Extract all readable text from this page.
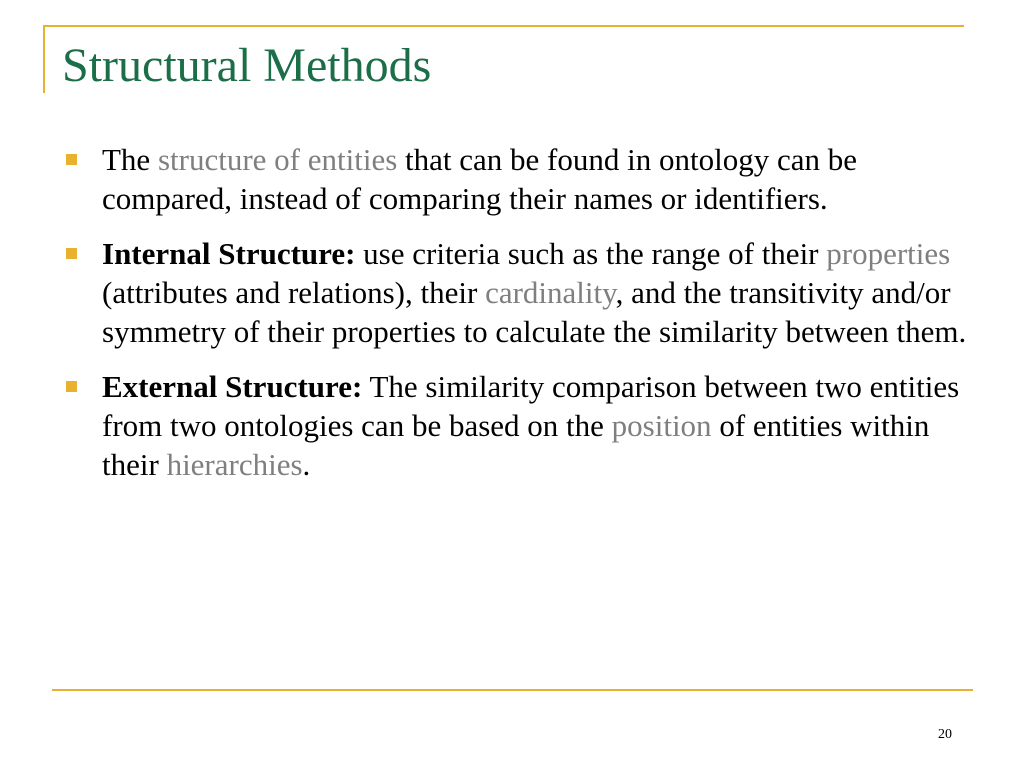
Structural Methods
The structure of entities that can be found in ontology can be compared, instead of comparing their names or identifiers.
Internal Structure: use criteria such as the range of their properties (attributes and relations), their cardinality, and the transitivity and/or symmetry of their properties to calculate the similarity between them.
External Structure: The similarity comparison between two entities from two ontologies can be based on the position of entities within their hierarchies.
20
